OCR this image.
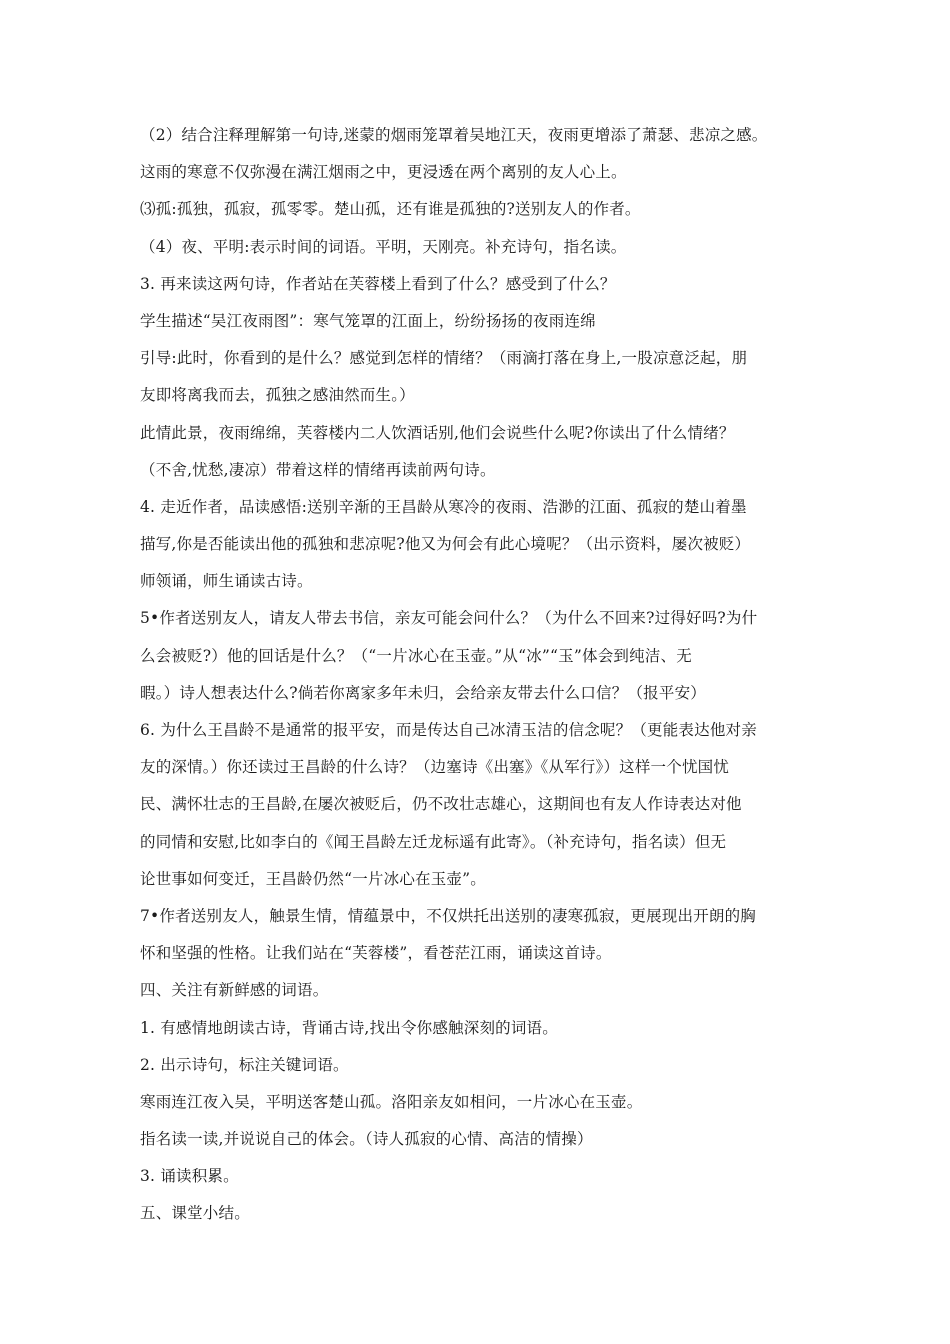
（2）结合注释理解第一句诗,迷蒙的烟雨笼罩着吴地江天，夜雨更增添了萧瑟、悲凉之感。
这雨的寒意不仅弥漫在满江烟雨之中，更浸透在两个离别的友人心上。
⑶孤:孤独，孤寂，孤零零。楚山孤，还有谁是孤独的?送别友人的作者。
（4）夜、平明:表示时间的词语。平明，天刚亮。补充诗句，指名读。
3. 再来读这两句诗，作者站在芙蓉楼上看到了什么？感受到了什么？
学生描述“吴江夜雨图”：寒气笼罩的江面上，纷纷扬扬的夜雨连绵
引导:此时，你看到的是什么？感觉到怎样的情绪？（雨滴打落在身上,一股凉意泛起，朋
友即将离我而去，孤独之感油然而生。）
此情此景，夜雨绵绵，芙蓉楼内二人饮酒话别,他们会说些什么呢?你读出了什么情绪？
（不舍,忧愁,凄凉）带着这样的情绪再读前两句诗。
4. 走近作者，品读感悟:送别辛渐的王昌龄从寒冷的夜雨、浩渺的江面、孤寂的楚山着墨
描写,你是否能读出他的孤独和悲凉呢?他又为何会有此心境呢？（出示资料，屡次被贬）
师领诵，师生诵读古诗。
5•作者送别友人，请友人带去书信，亲友可能会问什么？（为什么不回来?过得好吗?为什
么会被贬?）他的回话是什么？（“一片冰心在玉壶。”从“冰”“玉”体会到纯洁、无
暇。）诗人想表达什么?倘若你离家多年未归，会给亲友带去什么口信？（报平安）
6. 为什么王昌龄不是通常的报平安，而是传达自己冰清玉洁的信念呢？（更能表达他对亲
友的深情。）你还读过王昌龄的什么诗？（边塞诗《出塞》《从军行》）这样一个忧国忧
民、满怀壮志的王昌龄,在屡次被贬后，仍不改壮志雄心，这期间也有友人作诗表达对他
的同情和安慰,比如李白的《闻王昌龄左迁龙标遥有此寄》。（补充诗句，指名读）但无
论世事如何变迁，王昌龄仍然“一片冰心在玉壶”。
7•作者送别友人，触景生情，情蕴景中，不仅烘托出送别的凄寒孤寂，更展现出开朗的胸
怀和坚强的性格。让我们站在“芙蓉楼”，看苍茫江雨，诵读这首诗。
四、关注有新鲜感的词语。
1. 有感情地朗读古诗，背诵古诗,找出令你感触深刻的词语。
2. 出示诗句，标注关键词语。
寒雨连江夜入吴，平明送客楚山孤。洛阳亲友如相问，一片冰心在玉壶。
指名读一读,并说说自己的体会。（诗人孤寂的心情、高洁的情操）
3. 诵读积累。
五、课堂小结。
